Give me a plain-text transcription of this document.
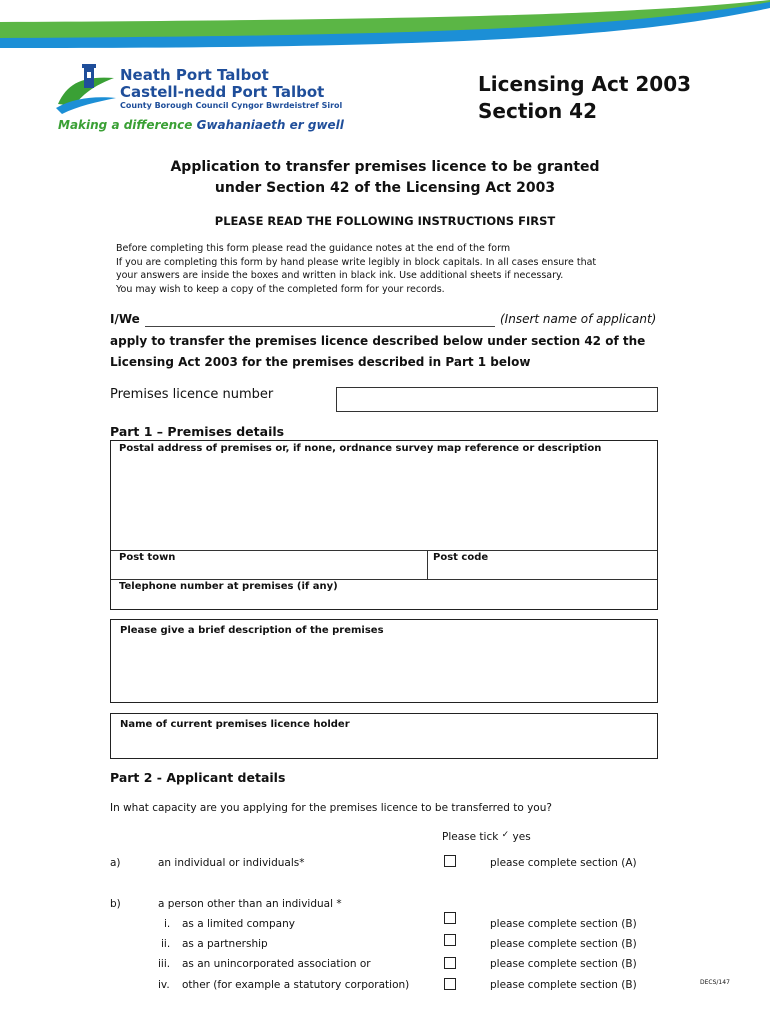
Neath Port Talbot
Castell-nedd Port Talbot
County Borough Council Cyngor Bwrdeistref Sirol
Making a difference Gwahaniaeth er gwell
Licensing Act 2003
Section 42
Application to transfer premises licence to be granted
under Section 42 of the Licensing Act 2003
PLEASE READ THE FOLLOWING INSTRUCTIONS FIRST
Before completing this form please read the guidance notes at the end of the form
If you are completing this form by hand please write legibly in block capitals. In all cases ensure that
your answers are inside the boxes and written in black ink. Use additional sheets if necessary.
You may wish to keep a copy of the completed form for your records.
I/We	(Insert name of applicant)
apply to transfer the premises licence described below under section 42 of the
Licensing Act 2003 for the premises described in Part 1 below
Premises licence number
Part 1 – Premises details
Postal address of premises or, if none, ordnance survey map reference or description
Post town	Post code
Telephone number at premises (if any)
Please give a brief description of the premises
Name of current premises licence holder
Part 2 - Applicant details
In what capacity are you applying for the premises licence to be transferred to you?
Please tick ✓ yes
a)	an individual or individuals*	please complete section (A)
b)	a person other than an individual *
i. as a limited company	please complete section (B)
ii. as a partnership	please complete section (B)
iii. as an unincorporated association or	please complete section (B)
iv. other (for example a statutory corporation)	please complete section (B)	DECS/147
